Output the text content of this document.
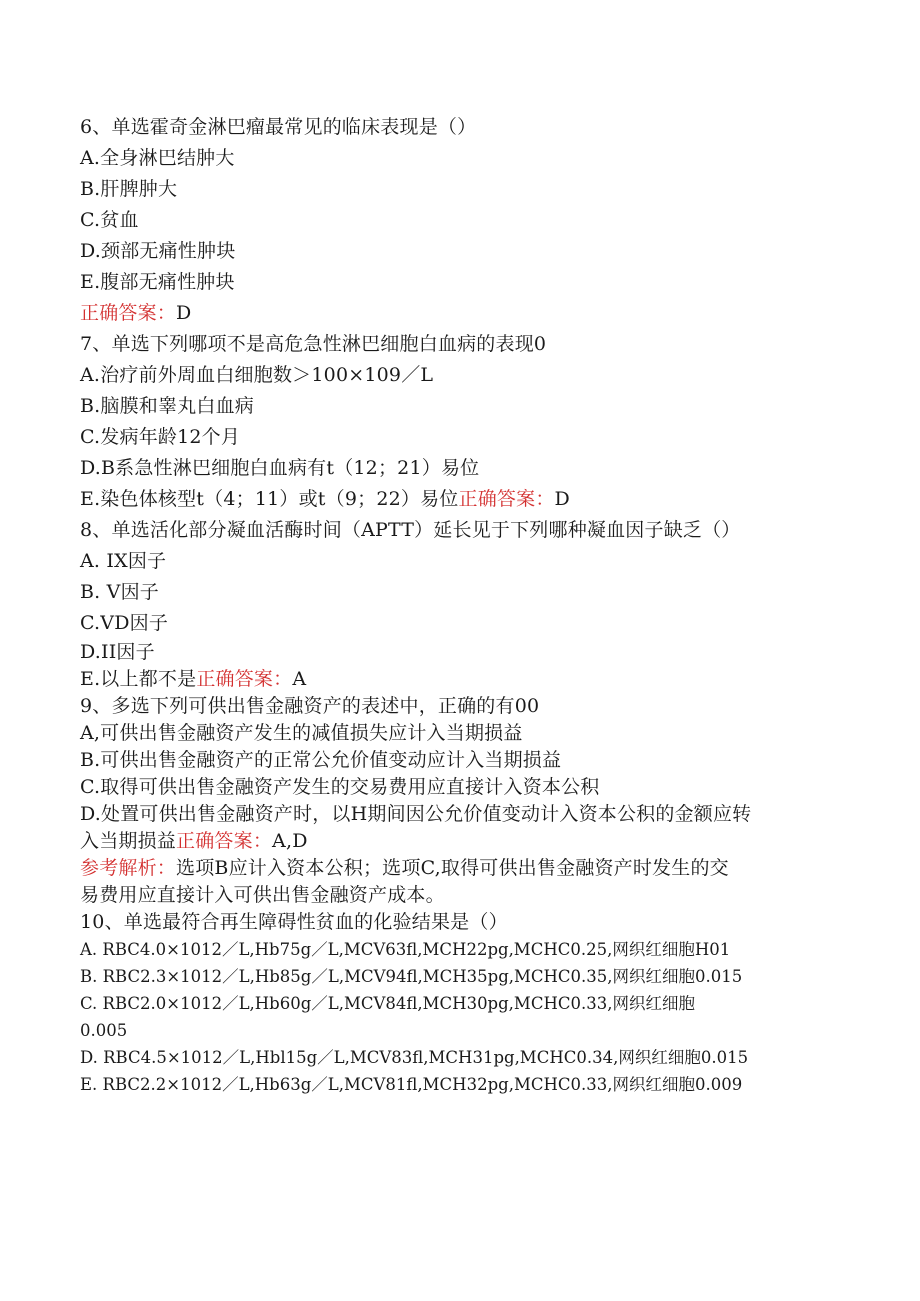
6、单选霍奇金淋巴瘤最常见的临床表现是（）
A.全身淋巴结肿大
B.肝脾肿大
C.贫血
D.颈部无痛性肿块
E.腹部无痛性肿块
正确答案：D
7、单选下列哪项不是高危急性淋巴细胞白血病的表现0
A.治疗前外周血白细胞数＞100×109／L
B.脑膜和睾丸白血病
C.发病年龄12个月
D.B系急性淋巴细胞白血病有t（12；21）易位
E.染色体核型t（4；11）或t（9；22）易位正确答案：D
8、单选活化部分凝血活酶时间（APTT）延长见于下列哪种凝血因子缺乏（）
A. IX因子
B. V因子
C.VD因子
D.II因子
E.以上都不是正确答案：A
9、多选下列可供出售金融资产的表述中，正确的有00
A,可供出售金融资产发生的减值损失应计入当期损益
B.可供出售金融资产的正常公允价值变动应计入当期损益
C.取得可供出售金融资产发生的交易费用应直接计入资本公积
D.处置可供出售金融资产时，以H期间因公允价值变动计入资本公积的金额应转
入当期损益正确答案：A,D
参考解析：选项B应计入资本公积；选项C,取得可供出售金融资产时发生的交
易费用应直接计入可供出售金融资产成本。
10、单选最符合再生障碍性贫血的化验结果是（）
A. RBC4.0×1012／L,Hb75g／L,MCV63fl,MCH22pg,MCHC0.25,网织红细胞H01
B. RBC2.3×1012／L,Hb85g／L,MCV94fl,MCH35pg,MCHC0.35,网织红细胞0.015
C. RBC2.0×1012／L,Hb60g／L,MCV84fl,MCH30pg,MCHC0.33,网织红细胞
0.005
D. RBC4.5×1012／L,Hbl15g／L,MCV83fl,MCH31pg,MCHC0.34,网织红细胞0.015
E. RBC2.2×1012／L,Hb63g／L,MCV81fl,MCH32pg,MCHC0.33,网织红细胞0.009
